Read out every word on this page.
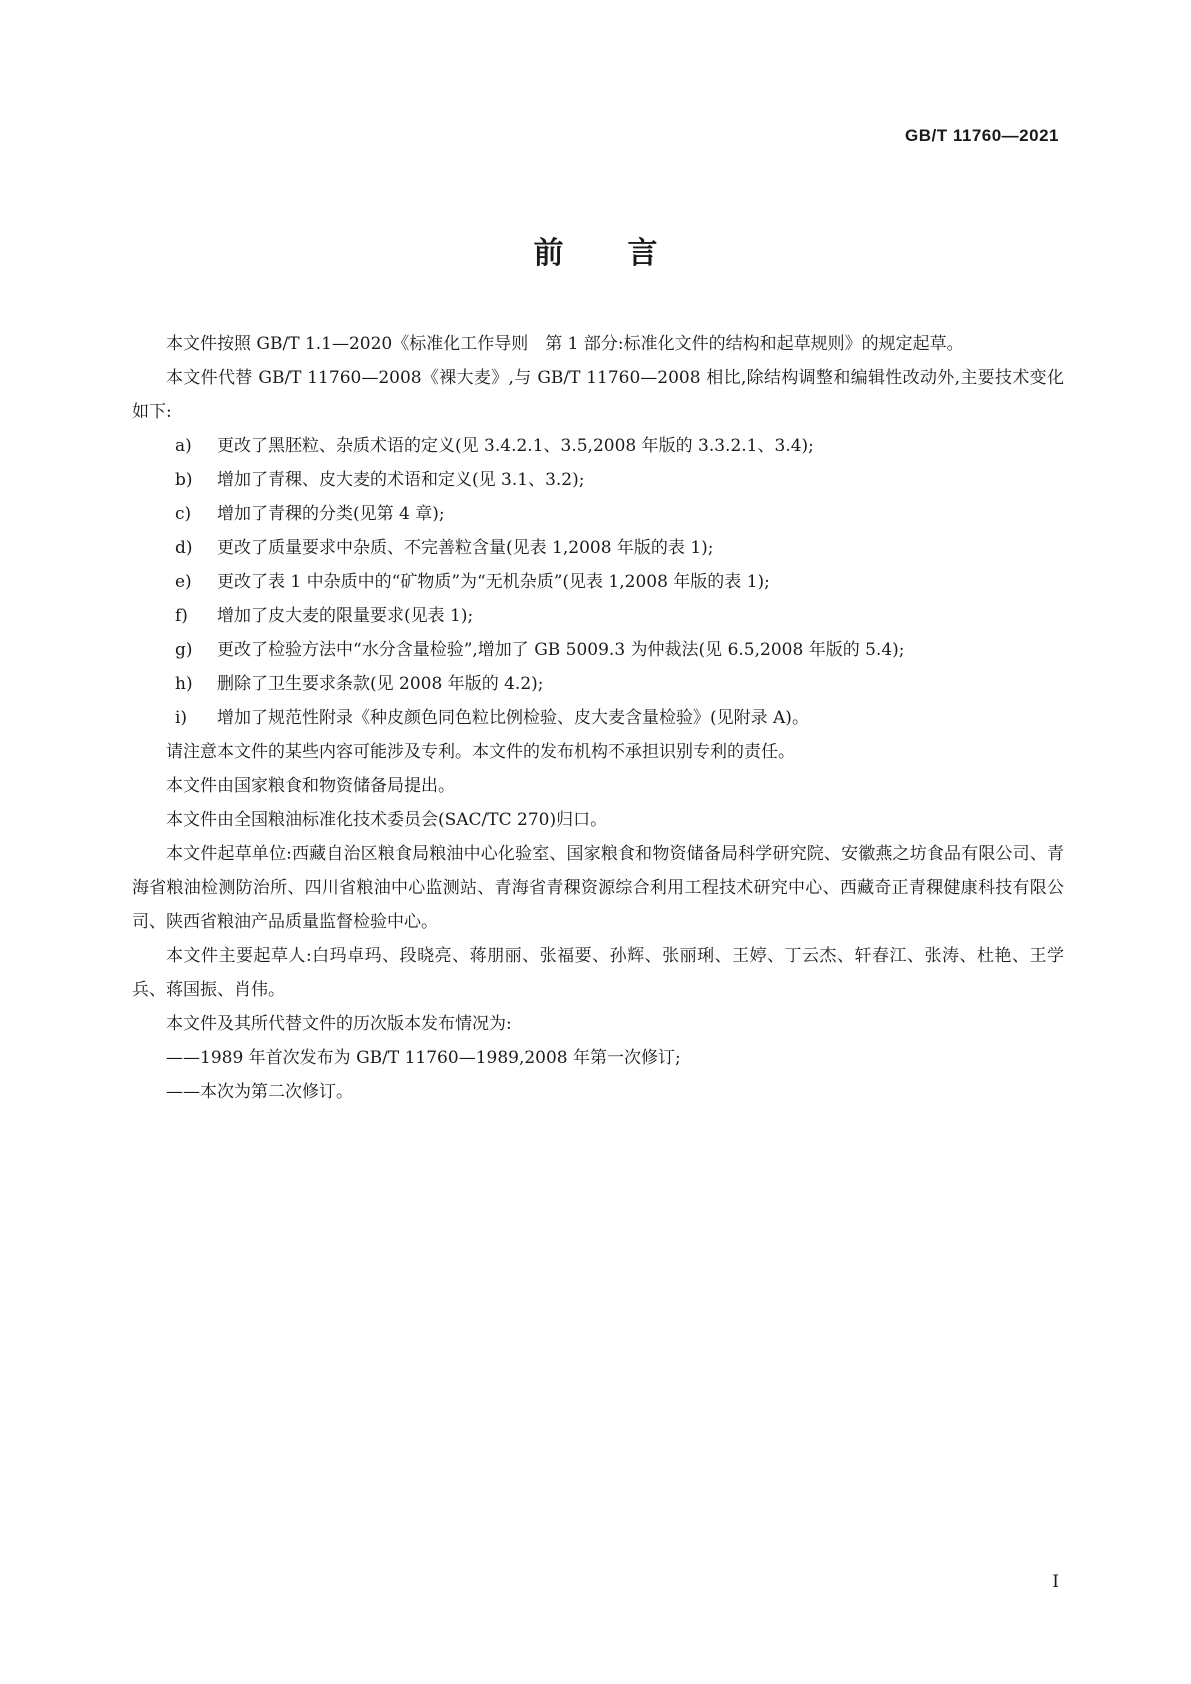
GB/T 11760—2021
前 言

本文件按照 GB/T 1.1—2020《标准化工作导则　第 1 部分:标准化文件的结构和起草规则》的规定起草。

本文件代替 GB/T 11760—2008《裸大麦》,与 GB/T 11760—2008 相比,除结构调整和编辑性改动外,主要技术变化如下:

a)	更改了黑胚粒、杂质术语的定义(见 3.4.2.1、3.5,2008 年版的 3.3.2.1、3.4);
b)	增加了青稞、皮大麦的术语和定义(见 3.1、3.2);
c)	增加了青稞的分类(见第 4 章);
d)	更改了质量要求中杂质、不完善粒含量(见表 1,2008 年版的表 1);
e)	更改了表 1 中杂质中的“矿物质”为“无机杂质”(见表 1,2008 年版的表 1);
f)	增加了皮大麦的限量要求(见表 1);
g)	更改了检验方法中“水分含量检验”,增加了 GB 5009.3 为仲裁法(见 6.5,2008 年版的 5.4);
h)	删除了卫生要求条款(见 2008 年版的 4.2);
i)	增加了规范性附录《种皮颜色同色粒比例检验、皮大麦含量检验》(见附录 A)。

请注意本文件的某些内容可能涉及专利。本文件的发布机构不承担识别专利的责任。

本文件由国家粮食和物资储备局提出。

本文件由全国粮油标准化技术委员会(SAC/TC 270)归口。

本文件起草单位:西藏自治区粮食局粮油中心化验室、国家粮食和物资储备局科学研究院、安徽燕之坊食品有限公司、青海省粮油检测防治所、四川省粮油中心监测站、青海省青稞资源综合利用工程技术研究中心、西藏奇正青稞健康科技有限公司、陕西省粮油产品质量监督检验中心。

本文件主要起草人:白玛卓玛、段晓亮、蒋朋丽、张福要、孙辉、张丽琍、王婷、丁云杰、轩春江、张涛、杜艳、王学兵、蒋国振、肖伟。

本文件及其所代替文件的历次版本发布情况为:

——1989 年首次发布为 GB/T 11760—1989,2008 年第一次修订;
——本次为第二次修订。
I
